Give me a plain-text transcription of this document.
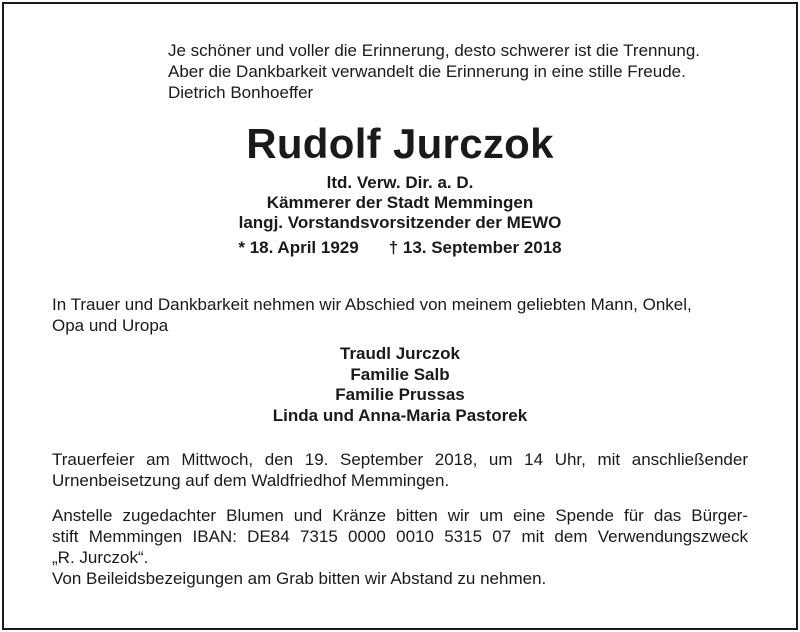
Je schöner und voller die Erinnerung, desto schwerer ist die Trennung.
Aber die Dankbarkeit verwandelt die Erinnerung in eine stille Freude.
Dietrich Bonhoeffer
Rudolf Jurczok
ltd. Verw. Dir. a. D.
Kämmerer der Stadt Memmingen
langj. Vorstandsvorsitzender der MEWO
* 18. April 1929 † 13. September 2018
In Trauer und Dankbarkeit nehmen wir Abschied von meinem geliebten Mann, Onkel,
Opa und Uropa
Traudl Jurczok
Familie Salb
Familie Prussas
Linda und Anna-Maria Pastorek
Trauerfeier am Mittwoch, den 19. September 2018, um 14 Uhr, mit anschließender
Urnenbeisetzung auf dem Waldfriedhof Memmingen.
Anstelle zugedachter Blumen und Kränze bitten wir um eine Spende für das Bürger-
stift Memmingen IBAN: DE84 7315 0000 0010 5315 07 mit dem Verwendungszweck
„R. Jurczok“.
Von Beileidsbezeigungen am Grab bitten wir Abstand zu nehmen.
